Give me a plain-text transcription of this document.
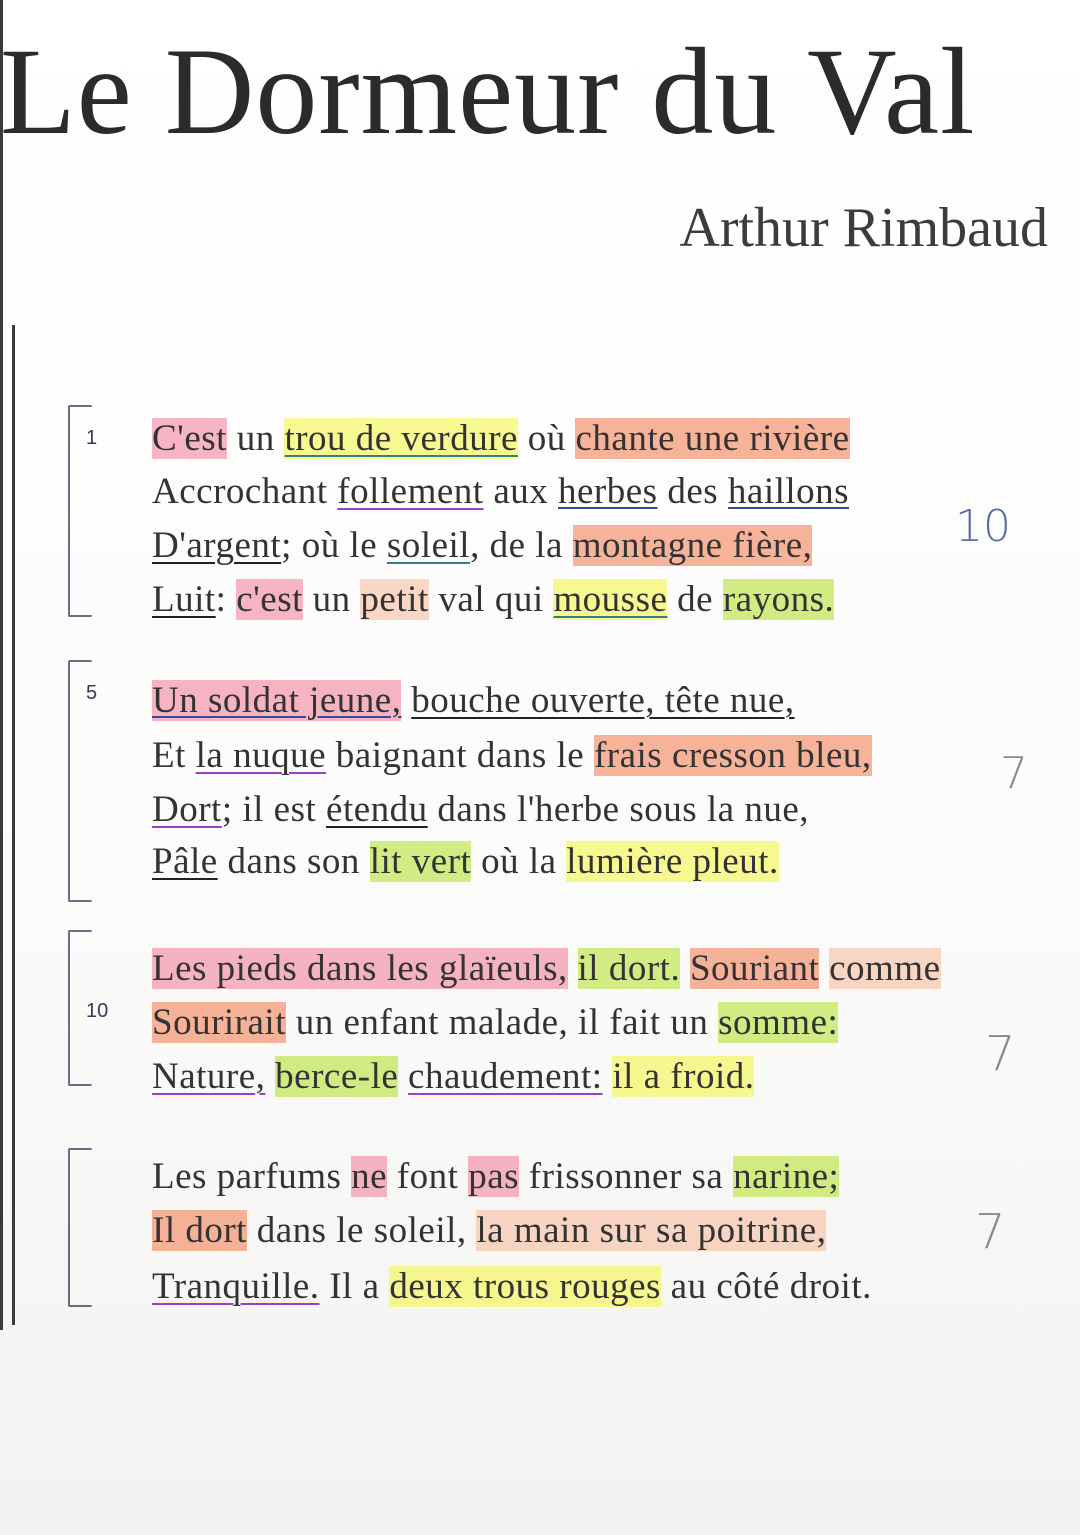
Le Dormeur du Val
Arthur Rimbaud
1 C'est un trou de verdure où chante une rivière
Accrochant follement aux herbes des haillons
D'argent; où le soleil, de la montagne fière,
Luit: c'est un petit val qui mousse de rayons.
10
5 Un soldat jeune, bouche ouverte, tête nue,
Et la nuque baignant dans le frais cresson bleu,
Dort; il est étendu dans l'herbe sous la nue,
Pâle dans son lit vert où la lumière pleut.
7
10
Les pieds dans les glaïeuls, il dort. Souriant comme
Sourirait un enfant malade, il fait un somme:
Nature, berce-le chaudement: il a froid.	7
Les parfums ne font pas frissonner sa narine;
Il dort dans le soleil, la main sur sa poitrine,
Tranquille. Il a deux trous rouges au côté droit.
7
